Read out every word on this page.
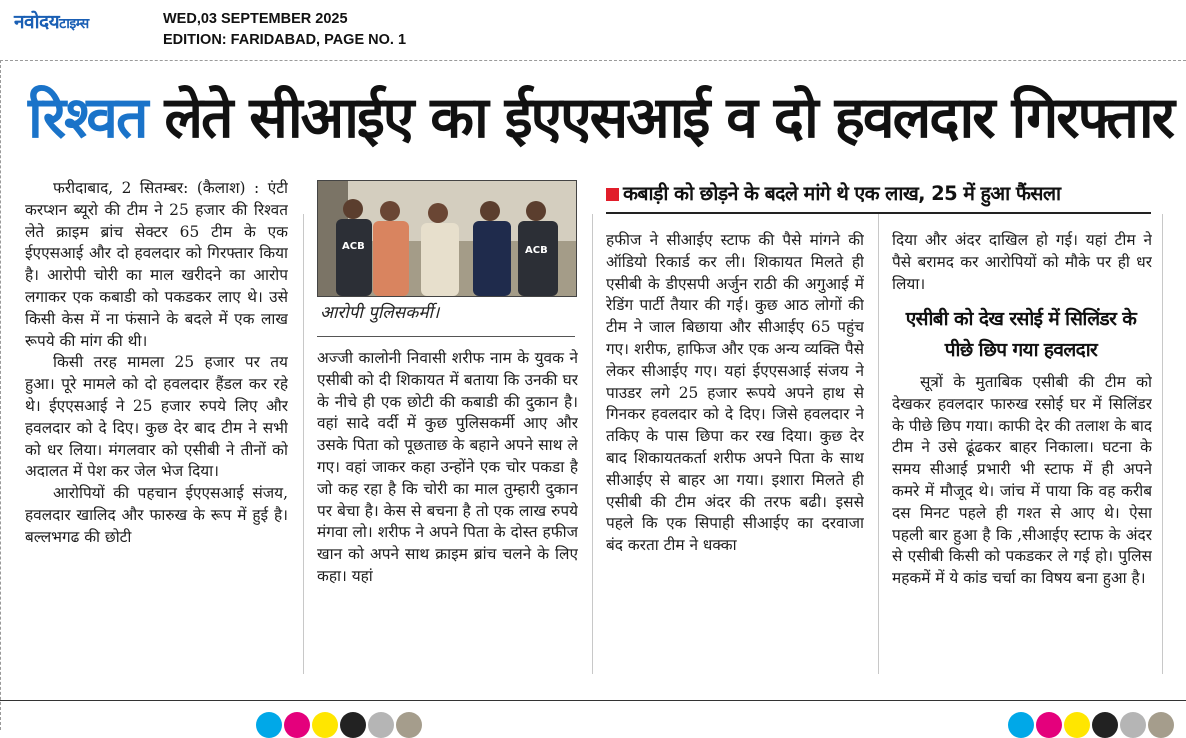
नवोदयटाइम्स	WED,03 SEPTEMBER 2025
EDITION: FARIDABAD, PAGE NO. 1
रिश्वत लेते सीआईए का ईएएसआई व दो हवलदार गिरफ्तार

फरीदाबाद, 2 सितम्बर: (कैलाश) : एंटी करप्शन ब्यूरो की टीम ने 25 हजार की रिश्वत लेते क्राइम ब्रांच सेक्टर 65 टीम के एक ईएएसआई और दो हवलदार को गिरफ्तार किया है। आरोपी चोरी का माल खरीदने का आरोप लगाकर एक कबाडी को पकडकर लाए थे। उसे किसी केस में ना फंसाने के बदले में एक लाख रूपये की मांग की थी।

किसी तरह मामला 25 हजार पर तय हुआ। पूरे मामले को दो हवलदार हैंडल कर रहे थे। ईएएसआई ने 25 हजार रुपये लिए और हवलदार को दे दिए। कुछ देर बाद टीम ने सभी को धर लिया। मंगलवार को एसीबी ने तीनों को अदालत में पेश कर जेल भेज दिया।

आरोपियों की पहचान ईएएसआई संजय, हवलदार खालिद और फारुख के रूप में हुई है। बल्लभगढ की छोटी

ACB	ACB
आरोपी पुलिसकर्मी।

अज्जी कालोनी निवासी शरीफ नाम के युवक ने एसीबी को दी शिकायत में बताया कि उनकी घर के नीचे ही एक छोटी की कबाडी की दुकान है। वहां सादे वर्दी में कुछ पुलिसकर्मी आए और उसके पिता को पूछताछ के बहाने अपने साथ ले गए। वहां जाकर कहा उन्होंने एक चोर पकडा है जो कह रहा है कि चोरी का माल तुम्हारी दुकान पर बेचा है। केस से बचना है तो एक लाख रुपये मंगवा लो। शरीफ ने अपने पिता के दोस्त हफीज खान को अपने साथ क्राइम ब्रांच चलने के लिए कहा। यहां

कबाड़ी को छोड़ने के बदले मांगे थे एक लाख, 25 में हुआ फैंसला

हफीज ने सीआईए स्टाफ की पैसे मांगने की ऑडियो रिकार्ड कर ली। शिकायत मिलते ही एसीबी के डीएसपी अर्जुन राठी की अगुआई में रेडिंग पार्टी तैयार की गई। कुछ आठ लोगों की टीम ने जाल बिछाया और सीआईए 65 पहुंच गए। शरीफ, हाफिज और एक अन्य व्यक्ति पैसे लेकर सीआईए गए। यहां ईएएसआई संजय ने पाउडर लगे 25 हजार रूपये अपने हाथ से गिनकर हवलदार को दे दिए। जिसे हवलदार ने तकिए के पास छिपा कर रख दिया। कुछ देर बाद शिकायतकर्ता शरीफ अपने पिता के साथ सीआईए से बाहर आ गया। इशारा मिलते ही एसीबी की टीम अंदर की तरफ बढी। इससे पहले कि एक सिपाही सीआईए का दरवाजा बंद करता टीम ने धक्का

दिया और अंदर दाखिल हो गई। यहां टीम ने पैसे बरामद कर आरोपियों को मौके पर ही धर लिया।

एसीबी को देख रसोई में सिलिंडर के पीछे छिप गया हवलदार

सूत्रों के मुताबिक एसीबी की टीम को देखकर हवलदार फारुख रसोई घर में सिलिंडर के पीछे छिप गया। काफी देर की तलाश के बाद टीम ने उसे ढूंढकर बाहर निकाला। घटना के समय सीआई प्रभारी भी स्टाफ में ही अपने कमरे में मौजूद थे। जांच में पाया कि वह करीब दस मिनट पहले ही गश्त से आए थे। ऐसा पहली बार हुआ है कि ,सीआईए स्टाफ के अंदर से एसीबी किसी को पकडकर ले गई हो। पुलिस महकमें में ये कांड चर्चा का विषय बना हुआ है।
